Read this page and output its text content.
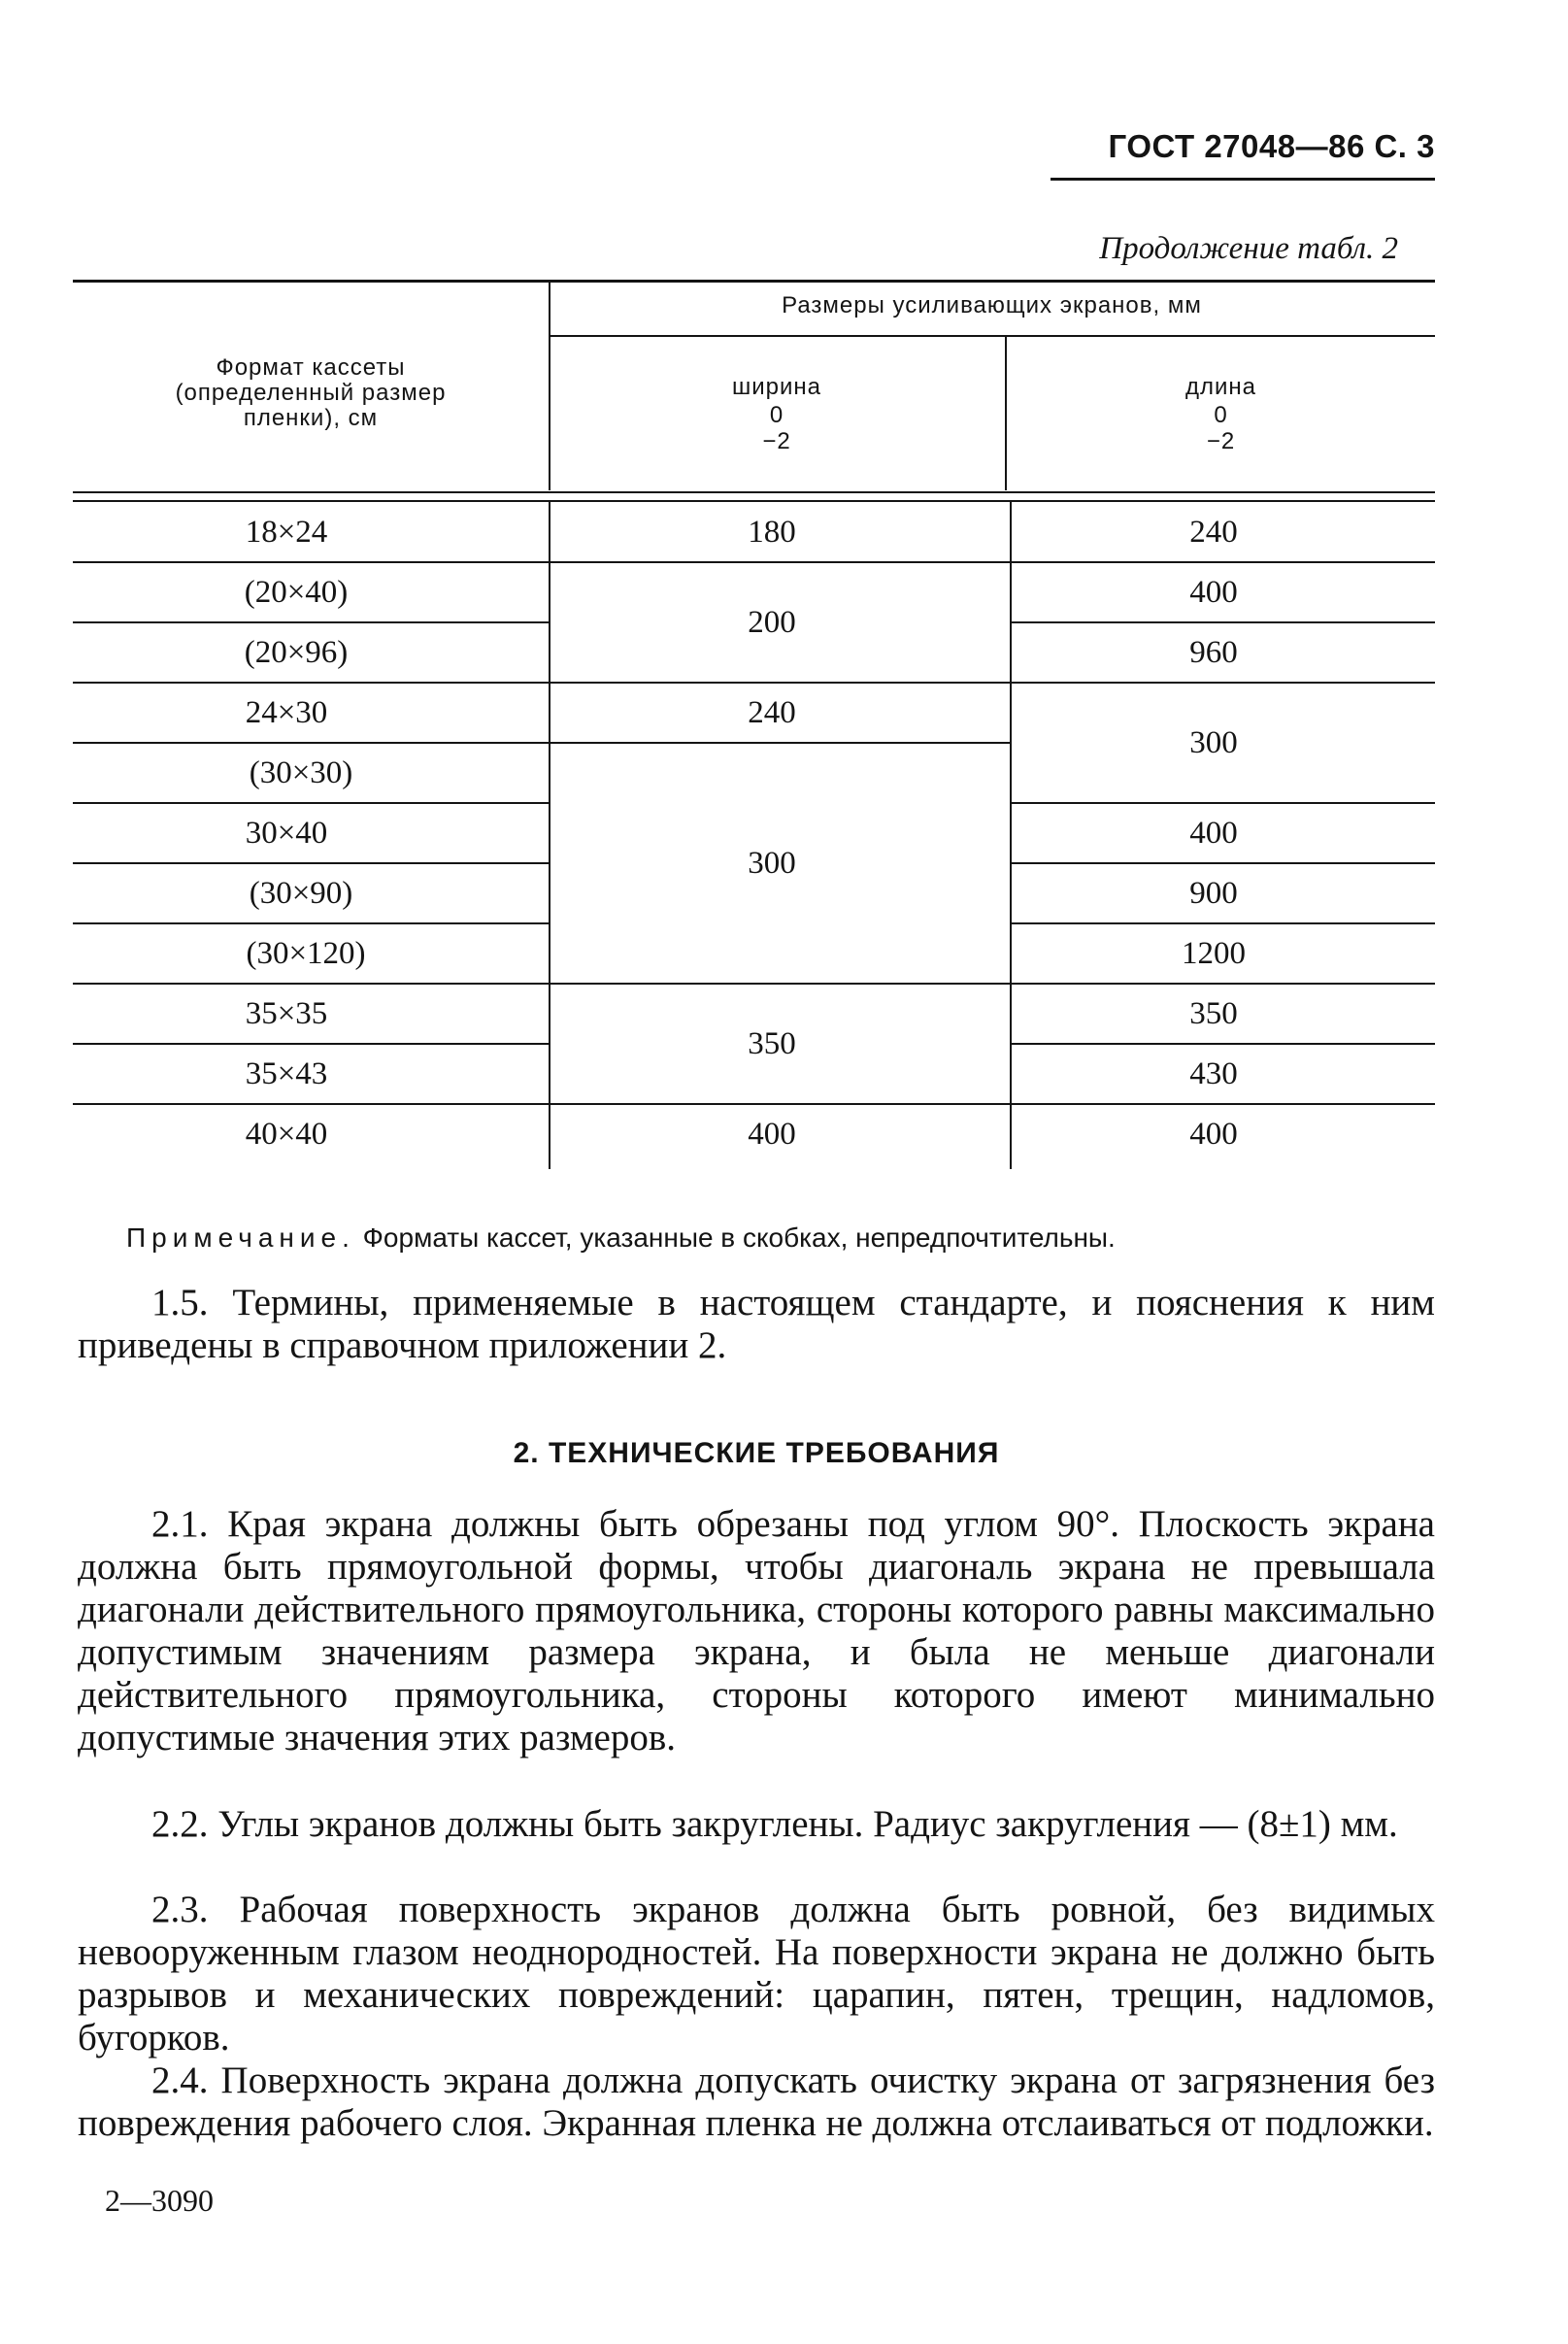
ГОСТ 27048—86 С. 3
Продолжение табл. 2
Формат кассеты (определенный размер пленки), см
Размеры усиливающих экранов, мм
ширина
0
−2
длина
0
−2
18×24
(20×40)
(20×96)
24×30
(30×30)
30×40
(30×90)
(30×120)
35×35
35×43
40×40
180
200
240
300
350
400
240
400
960
300
400
900
1200
350
430
400
Примечание. Форматы кассет, указанные в скобках, непредпочтительны.
1.5. Термины, применяемые в настоящем стандарте, и пояснения к ним приведены в справочном приложении 2.
2. ТЕХНИЧЕСКИЕ ТРЕБОВАНИЯ
2.1. Края экрана должны быть обрезаны под углом 90°. Плоскость экрана должна быть прямоугольной формы, чтобы диагональ экрана не превышала диагонали действительного прямоугольника, стороны которого равны максимально допустимым значениям размера экрана, и была не меньше диагонали действительного прямоугольника, стороны которого имеют минимально допустимые значения этих размеров.
2.2. Углы экранов должны быть закруглены. Радиус закругления — (8±1) мм.
2.3. Рабочая поверхность экранов должна быть ровной, без видимых невооруженным глазом неоднородностей. На поверхности экрана не должно быть разрывов и механических повреждений: царапин, пятен, трещин, надломов, бугорков.
2.4. Поверхность экрана должна допускать очистку экрана от загрязнения без повреждения рабочего слоя. Экранная пленка не должна отслаиваться от подложки.
2—3090
